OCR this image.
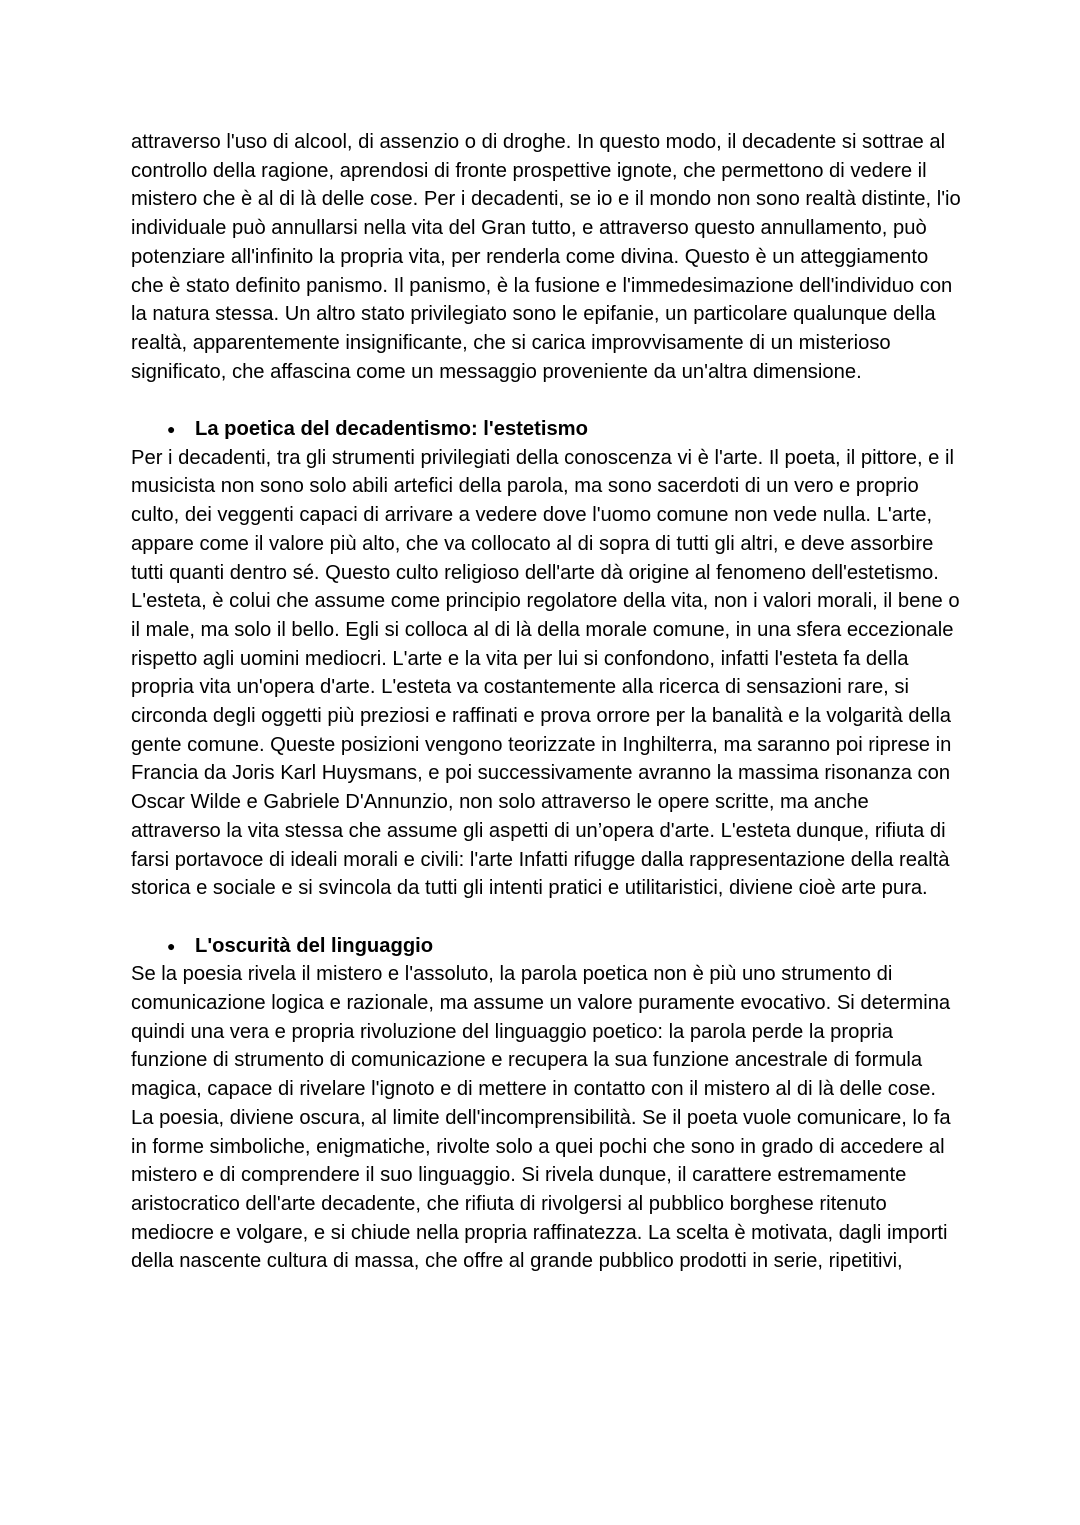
attraverso l'uso di alcool, di assenzio o di droghe. In questo modo, il decadente si sottrae al controllo della ragione, aprendosi di fronte prospettive ignote, che permettono di vedere il mistero che è al di là delle cose. Per i decadenti, se io e il mondo non sono realtà distinte, l'io individuale può annullarsi nella vita del Gran tutto, e attraverso questo annullamento, può potenziare all'infinito la propria vita, per renderla come divina. Questo è un atteggiamento che è stato definito panismo. Il panismo, è la fusione e l'immedesimazione dell'individuo con la natura stessa. Un altro stato privilegiato sono le epifanie, un particolare qualunque della realtà, apparentemente insignificante, che si carica improvvisamente di un misterioso significato, che affascina come un messaggio proveniente da un'altra dimensione.

● La poetica del decadentismo: l'estetismo

Per i decadenti, tra gli strumenti privilegiati della conoscenza vi è l'arte. Il poeta, il pittore, e il musicista non sono solo abili artefici della parola, ma sono sacerdoti di un vero e proprio culto, dei veggenti capaci di arrivare a vedere dove l'uomo comune non vede nulla. L'arte, appare come il valore più alto, che va collocato al di sopra di tutti gli altri, e deve assorbire tutti quanti dentro sé. Questo culto religioso dell'arte dà origine al fenomeno dell'estetismo. L'esteta, è colui che assume come principio regolatore della vita, non i valori morali, il bene o il male, ma solo il bello. Egli si colloca al di là della morale comune, in una sfera eccezionale rispetto agli uomini mediocri. L'arte e la vita per lui si confondono, infatti l'esteta fa della propria vita un'opera d'arte. L'esteta va costantemente alla ricerca di sensazioni rare, si circonda degli oggetti più preziosi e raffinati e prova orrore per la banalità e la volgarità della gente comune. Queste posizioni vengono teorizzate in Inghilterra, ma saranno poi riprese in Francia da Joris Karl Huysmans, e poi successivamente avranno la massima risonanza con Oscar Wilde e Gabriele D'Annunzio, non solo attraverso le opere scritte, ma anche attraverso la vita stessa che assume gli aspetti di un’opera d'arte. L'esteta dunque, rifiuta di farsi portavoce di ideali morali e civili: l'arte Infatti rifugge dalla rappresentazione della realtà storica e sociale e si svincola da tutti gli intenti pratici e utilitaristici, diviene cioè arte pura.

● L'oscurità del linguaggio

Se la poesia rivela il mistero e l'assoluto, la parola poetica non è più uno strumento di comunicazione logica e razionale, ma assume un valore puramente evocativo. Si determina quindi una vera e propria rivoluzione del linguaggio poetico: la parola perde la propria funzione di strumento di comunicazione e recupera la sua funzione ancestrale di formula magica, capace di rivelare l'ignoto e di mettere in contatto con il mistero al di là delle cose. La poesia, diviene oscura, al limite dell'incomprensibilità. Se il poeta vuole comunicare, lo fa in forme simboliche, enigmatiche, rivolte solo a quei pochi che sono in grado di accedere al mistero e di comprendere il suo linguaggio. Si rivela dunque, il carattere estremamente aristocratico dell'arte decadente, che rifiuta di rivolgersi al pubblico borghese ritenuto mediocre e volgare, e si chiude nella propria raffinatezza. La scelta è motivata, dagli importi della nascente cultura di massa, che offre al grande pubblico prodotti in serie, ripetitivi,
